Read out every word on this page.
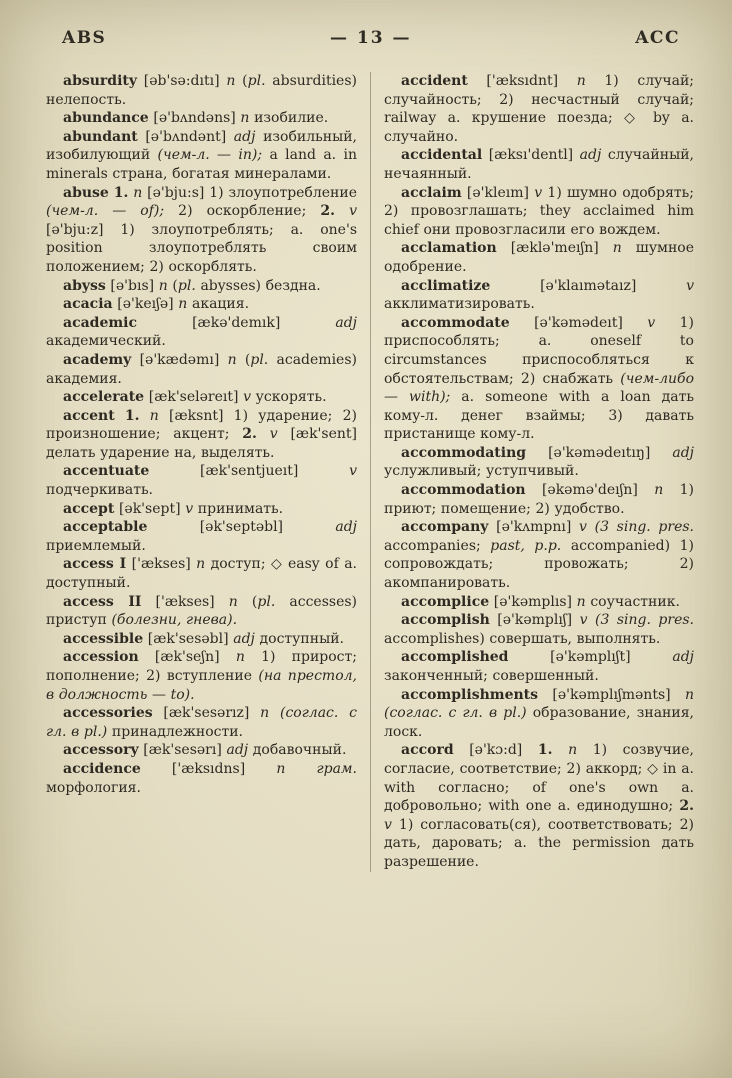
ABS	— 13 —	ACC

absurdity [əb'sə:dıtı] n (pl. absurdities) нелепость.

abundance [ə'bʌndəns] n изобилие.

abundant [ə'bʌndənt] adj изобильный, изобилующий (чем-л. — in); a land a. in minerals страна, богатая минералами.

abuse 1. n [ə'bju:s] 1) злоупотребление (чем-л. — of); 2) оскорбление; 2. v [ə'bju:z] 1) злоупотреблять; a. one's position злоупотреблять своим положением; 2) оскорблять.

abyss [ə'bıs] n (pl. abysses) бездна.

acacia [ə'keıʃə] n акация.

academic [ækə'demık] adj академический.

academy [ə'kædəmı] n (pl. academies) академия.

accelerate [æk'seləreıt] v ускорять.

accent 1. n [æksnt] 1) ударение; 2) произношение; акцент; 2. v [æk'sent] делать ударение на, выделять.

accentuate [æk'sentjueıt] v подчеркивать.

accept [ək'sept] v принимать.

acceptable [ək'septəbl] adj приемлемый.

access I ['ækses] n доступ; ◇ easy of a. доступный.

access II ['ækses] n (pl. accesses) приступ (болезни, гнева).

accessible [æk'sesəbl] adj доступный.

accession [æk'seʃn] n 1) прирост; пополнение; 2) вступление (на престол, в должность — to).

accessories [æk'sesərız] n (соглас. с гл. в pl.) принадлежности.

accessory [æk'sesərı] adj добавочный.

accidence ['æksıdns] n грам. морфология.

accident ['æksıdnt] n 1) случай; случайность; 2) несчастный случай; railway a. крушение поезда; ◇ by a. случайно.

accidental [æksı'dentl] adj случайный, нечаянный.

acclaim [ə'kleım] v 1) шумно одобрять; 2) провозглашать; they acclaimed him chief они провозгласили его вождем.

acclamation [æklə'meıʃn] n шумное одобрение.

acclimatize [ə'klaımətaız] v акклиматизировать.

accommodate [ə'kəmədeıt] v 1) приспособлять; a. oneself to circumstances приспособляться к обстоятельствам; 2) снабжать (чем-либо — with); a. someone with a loan дать кому-л. денег взаймы; 3) давать пристанище кому-л.

accommodating [ə'kəmədeıtıŋ] adj услужливый; уступчивый.

accommodation [əkəmə'deıʃn] n 1) приют; помещение; 2) удобство.

accompany [ə'kʌmpnı] v (3 sing. pres. accompanies; past, p.p. accompanied) 1) сопровождать; провожать; 2) акомпанировать.

accomplice [ə'kəmplıs] n соучастник.

accomplish [ə'kəmplıʃ] v (3 sing. pres. accomplishes) совершать, выполнять.

accomplished [ə'kəmplıʃt] adj законченный; совершенный.

accomplishments [ə'kəmplıʃmənts] n (соглас. с гл. в pl.) образование, знания, лоск.

accord [ə'kɔ:d] 1. n 1) созвучие, согласие, соответствие; 2) аккорд; ◇ in a. with согласно; of one's own a. добровольно; with one a. единодушно; 2. v 1) согласовать(ся), соответствовать; 2) дать, даровать; a. the permission дать разрешение.
